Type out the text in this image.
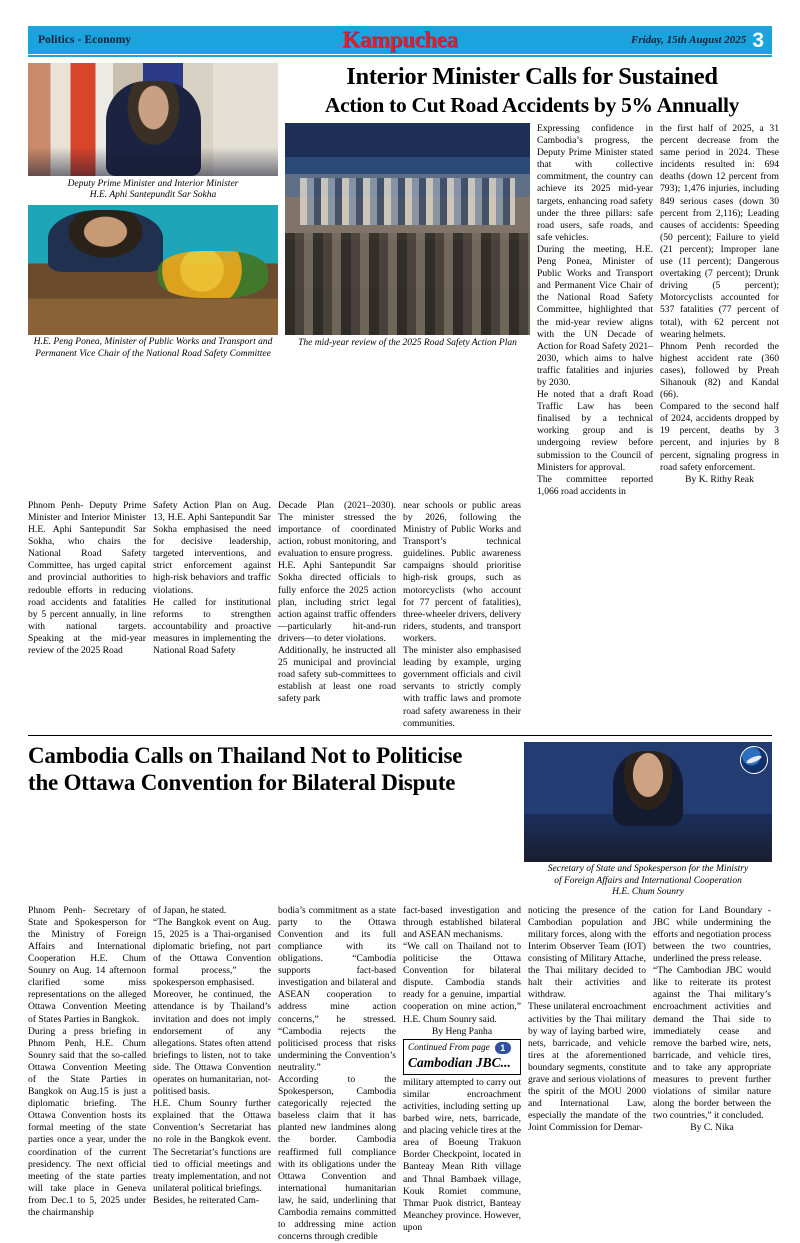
Politics - Economy	Kampuchea	Friday, 15th August 2025 3
Deputy Prime Minister and Interior Minister
H.E. Aphi Santepundit Sar Sokha
H.E. Peng Ponea, Minister of Public Works and Transport and Permanent Vice Chair of the National Road Safety Committee
Interior Minister Calls for Sustained
Action to Cut Road Accidents by 5% Annually
The mid-year review of the 2025 Road Safety Action Plan

Expressing confidence in Cambodia’s progress, the Deputy Prime Minister stated that with collective commitment, the country can achieve its 2025 mid-year targets, enhancing road safety under the three pillars: safe road users, safe roads, and safe vehicles.

During the meeting, H.E. Peng Ponea, Minister of Public Works and Transport and Permanent Vice Chair of the National Road Safety Committee, highlighted that the mid-year review aligns with the UN Decade of Action for Road Safety 2021–2030, which aims to halve traffic fatalities and injuries by 2030.

He noted that a draft Road Traffic Law has been finalised by a technical working group and is undergoing review before submission to the Council of Ministers for approval.

The committee reported 1,066 road accidents in

the first half of 2025, a 31 percent decrease from the same period in 2024. These incidents resulted in: 694 deaths (down 12 percent from 793); 1,476 injuries, including 849 serious cases (down 30 percent from 2,116); Leading causes of accidents: Speeding (50 percent); Failure to yield (21 percent); Improper lane use (11 percent); Dangerous overtaking (7 percent); Drunk driving (5 percent); Motorcyclists accounted for 537 fatalities (77 percent of total), with 62 percent not wearing helmets.

Phnom Penh recorded the highest accident rate (360 cases), followed by Preah Sihanouk (82) and Kandal (66).

Compared to the second half of 2024, accidents dropped by 19 percent, deaths by 3 percent, and injuries by 8 percent, signaling progress in road safety enforcement.

By K. Rithy Reak

Phnom Penh- Deputy Prime Minister and Interior Minister H.E. Aphi Santepundit Sar Sokha, who chairs the National Road Safety Committee, has urged capital and provincial authorities to redouble efforts in reducing road accidents and fatalities by 5 percent annually, in line with national targets. Speaking at the mid-year review of the 2025 Road

Safety Action Plan on Aug. 13, H.E. Aphi Santepundit Sar Sokha emphasised the need for decisive leadership, targeted interventions, and strict enforcement against high-risk behaviors and traffic violations.

He called for institutional reforms to strengthen accountability and proactive measures in implementing the National Road Safety

Decade Plan (2021–2030). The minister stressed the importance of coordinated action, robust monitoring, and evaluation to ensure progress.

H.E. Aphi Santepundit Sar Sokha directed officials to fully enforce the 2025 action plan, including strict legal action against traffic offenders—particularly hit-and-run drivers—to deter violations.

Additionally, he instructed all 25 municipal and provincial road safety sub-committees to establish at least one road safety park

near schools or public areas by 2026, following the Ministry of Public Works and Transport’s technical guidelines. Public awareness campaigns should prioritise high-risk groups, such as motorcyclists (who account for 77 percent of fatalities), three-wheeler drivers, delivery riders, students, and transport workers.

The minister also emphasised leading by example, urging government officials and civil servants to strictly comply with traffic laws and promote road safety awareness in their communities.

Cambodia Calls on Thailand Not to Politicise
the Ottawa Convention for Bilateral Dispute
Secretary of State and Spokesperson for the Ministry
of Foreign Affairs and International Cooperation
H.E. Chum Sounry

Phnom Penh- Secretary of State and Spokesperson for the Ministry of Foreign Affairs and International Cooperation H.E. Chum Sounry on Aug. 14 afternoon clarified some miss representations on the alleged Ottawa Convention Meeting of States Parties in Bangkok.

During a press briefing in Phnom Penh, H.E. Chum Sounry said that the so-called Ottawa Convention Meeting of the State Parties in Bangkok on Aug.15 is just a diplomatic briefing. The Ottawa Convention hosts its formal meeting of the state parties once a year, under the coordination of the current presidency. The next official meeting of the state parties will take place in Geneva from Dec.1 to 5, 2025 under the chairmanship

of Japan, he stated.

“The Bangkok event on Aug. 15, 2025 is a Thai-organised diplomatic briefing, not part of the Ottawa Convention formal process,” the spokesperson emphasised.

Moreover, he continued, the attendance is by Thailand’s invitation and does not imply endorsement of any allegations. States often attend briefings to listen, not to take side. The Ottawa Convention operates on humanitarian, not-politised basis.

H.E. Chum Sounry further explained that the Ottawa Convention’s Secretariat has no role in the Bangkok event. The Secretariat’s functions are tied to official meetings and treaty implementation, and not unilateral political briefings.

Besides, he reiterated Cam-

bodia’s commitment as a state party to the Ottawa Convention and its full compliance with its obligations. “Cambodia supports fact-based investigation and bilateral and ASEAN cooperation to address mine action concerns,” he stressed. “Cambodia rejects the politicised process that risks undermining the Convention’s neutrality.”

According to the Spokesperson, Cambodia categorically rejected the baseless claim that it has planted new landmines along the border. Cambodia reaffirmed full compliance with its obligations under the Ottawa Convention and international humanitarian law, he said, underlining that Cambodia remains committed to addressing mine action concerns through credible

fact-based investigation and through established bilateral and ASEAN mechanisms.

“We call on Thailand not to politicise the Ottawa Convention for bilateral dispute. Cambodia stands ready for a genuine, impartial cooperation on mine action,” H.E. Chum Sounry said.

By Heng Panha

Continued From page	1
Cambodian JBC...

military attempted to carry out similar encroachment activities, including setting up barbed wire, nets, barricade, and placing vehicle tires at the area of Boeung Trakuon Border Checkpoint, located in Banteay Mean Rith village and Thnal Bambaek village, Kouk Romiet commune, Thmar Puok district, Banteay Meanchey province. However, upon

noticing the presence of the Cambodian population and military forces, along with the Interim Observer Team (IOT) consisting of Military Attache, the Thai military decided to halt their activities and withdraw.

These unilateral encroachment activities by the Thai military by way of laying barbed wire, nets, barricade, and vehicle tires at the aforementioned boundary segments, constitute grave and serious violations of the spirit of the MOU 2000 and International Law, especially the mandate of the Joint Commission for Demar-

cation for Land Boundary - JBC while undermining the efforts and negotiation process between the two countries, underlined the press release.

“The Cambodian JBC would like to reiterate its protest against the Thai military’s encroachment activities and demand the Thai side to immediately cease and remove the barbed wire, nets, barricade, and vehicle tires, and to take any appropriate measures to prevent further violations of similar nature along the border between the two countries,” it concluded.

By C. Nika
